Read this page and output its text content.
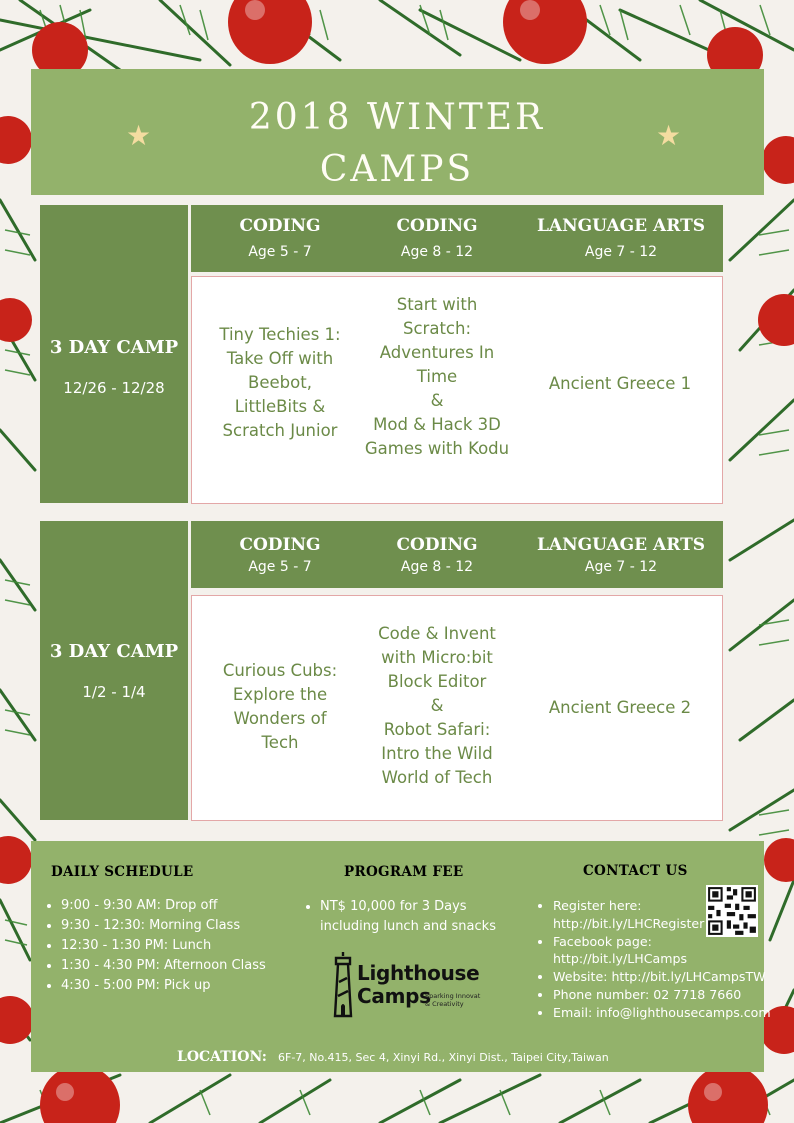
2018 WINTER
CAMPS
★	★
3 DAY CAMP
12/26 - 12/28
CODING
Age 5 - 7
CODING
Age 8 - 12
LANGUAGE ARTS
Age 7 - 12

Tiny Techies 1:

Take Off with

Beebot,

LittleBits &

Scratch Junior

Start with

Scratch:

Adventures In

Time

&

Mod & Hack 3D

Games with Kodu

Ancient Greece 1

3 DAY CAMP
1/2 - 1/4
CODING
Age 5 - 7
CODING
Age 8 - 12
LANGUAGE ARTS
Age 7 - 12

Curious Cubs:

Explore the

Wonders of

Tech

Code & Invent

with Micro:bit

Block Editor

&

Robot Safari:

Intro the Wild

World of Tech

Ancient Greece 2

DAILY SCHEDULE
• 9:00 - 9:30 AM: Drop off
• 9:30 - 12:30: Morning Class
• 12:30 - 1:30 PM: Lunch
• 1:30 - 4:30 PM: Afternoon Class
• 4:30 - 5:00 PM: Pick up
PROGRAM FEE
• NT$ 10,000 for 3 Days including lunch and snacks
CONTACT US
• Register here: http://bit.ly/LHCRegister
• Facebook page: http://bit.ly/LHCamps
• Website: http://bit.ly/LHCampsTW
• Phone number: 02 7718 7660
• Email: info@lighthousecamps.com
Lighthouse
Camps
Sparking Innovat & Creativity
LOCATION: 6F-7, No.415, Sec 4, Xinyi Rd., Xinyi Dist., Taipei City,Taiwan
